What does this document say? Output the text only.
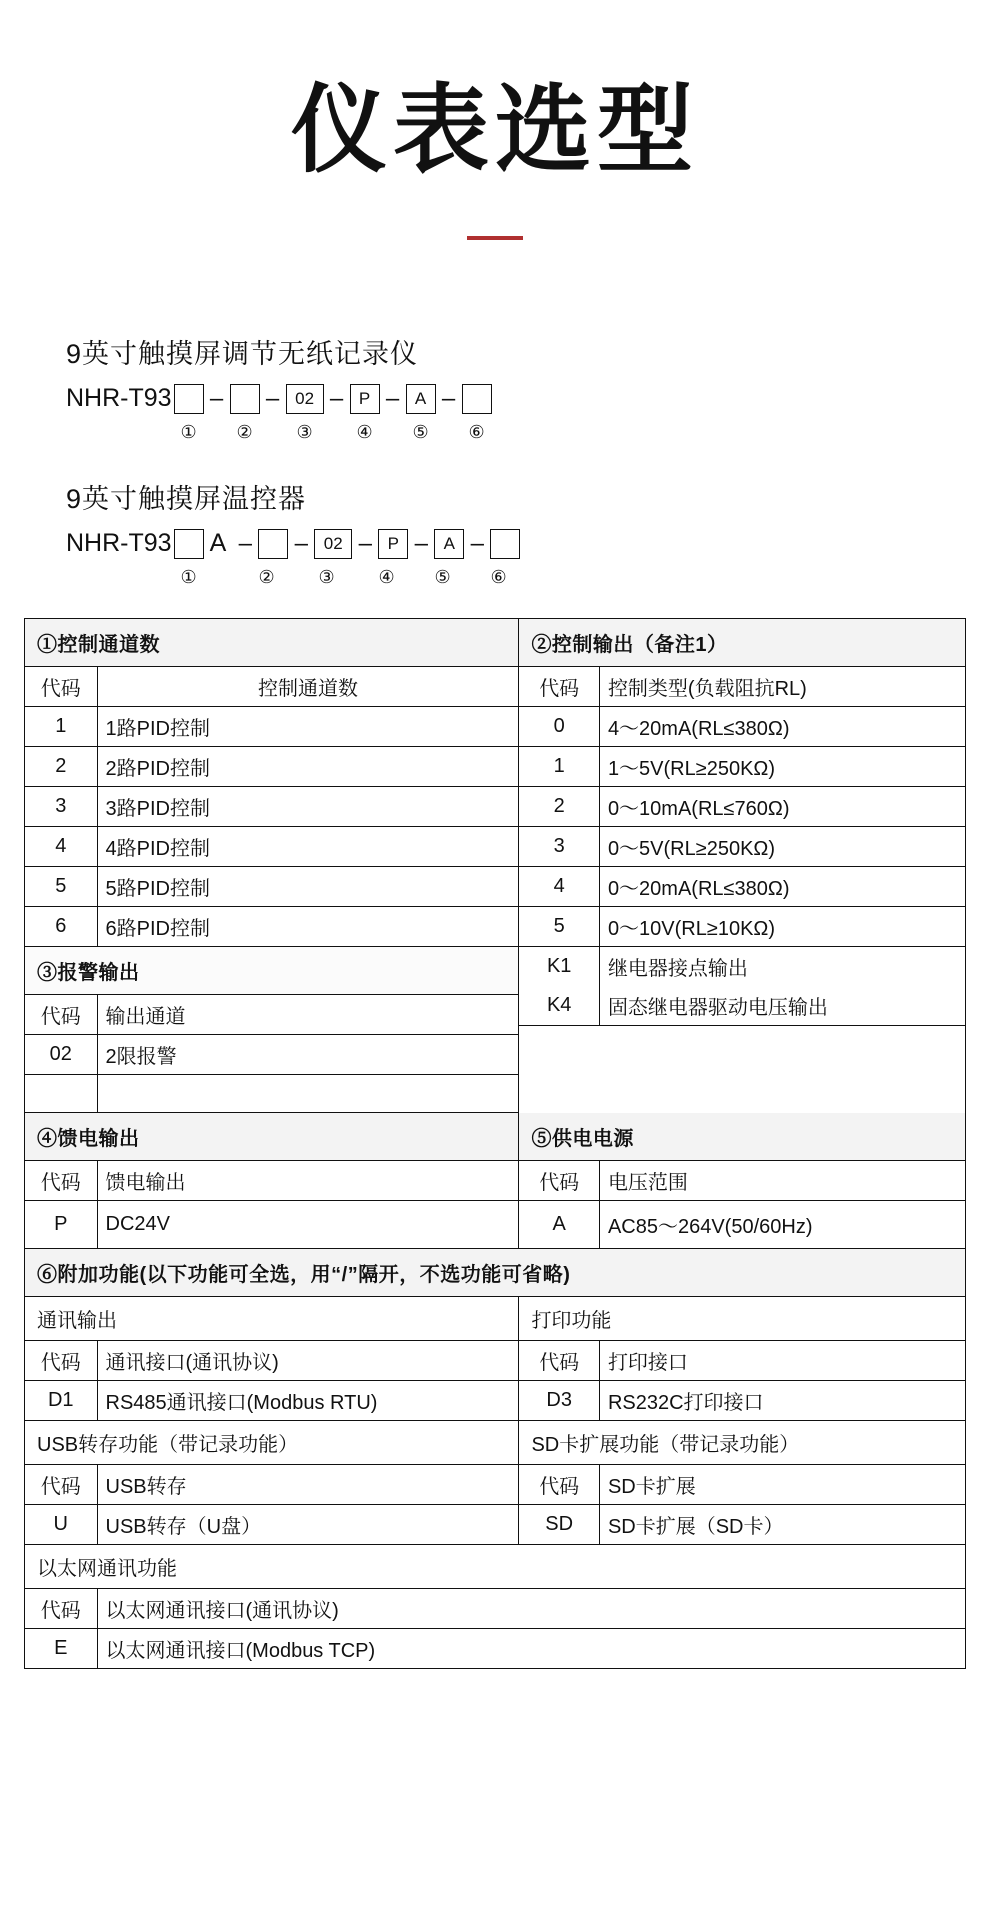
仪表选型
9英寸触摸屏调节无纸记录仪
NHR-T93 – – 02 – P – A –
①	②	③	④	⑤	⑥
9英寸触摸屏温控器
NHR-T93 A – – 02 – P – A –
①	②	③	④	⑤	⑥
①控制通道数
代码	控制通道数
1	1路PID控制
2	2路PID控制
3	3路PID控制
4	4路PID控制
5	5路PID控制
6	6路PID控制
③报警输出
代码	输出通道
02	2限报警

②控制输出（备注1）
代码	控制类型(负载阻抗RL)
0	4～20mA(RL≤380Ω)
1	1～5V(RL≥250KΩ)
2	0～10mA(RL≤760Ω)
3	0～5V(RL≥250KΩ)
4	0～20mA(RL≤380Ω)
5	0～10V(RL≥10KΩ)
K1	继电器接点输出
K4	固态继电器驱动电压输出
④馈电输出
代码	馈电输出
P	DC24V
⑤供电电源
代码	电压范围
A	AC85～264V(50/60Hz)
⑥附加功能(以下功能可全选，用“/”隔开，不选功能可省略)
通讯输出
代码	通讯接口(通讯协议)
D1	RS485通讯接口(Modbus RTU)
打印功能
代码	打印接口
D3	RS232C打印接口
USB转存功能（带记录功能）
代码	USB转存
U	USB转存（U盘）
SD卡扩展功能（带记录功能）
代码	SD卡扩展
SD	SD卡扩展（SD卡）
以太网通讯功能
代码	以太网通讯接口(通讯协议)
E	以太网通讯接口(Modbus TCP)
